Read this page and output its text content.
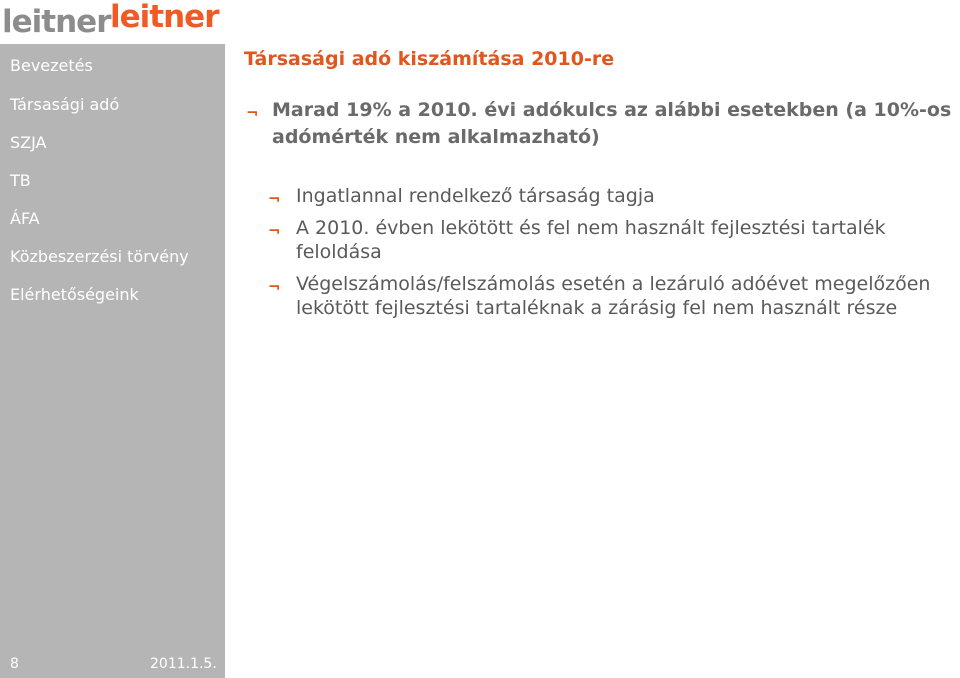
leitner leitner
Bevezetés
Társasági adó
SZJA
TB
ÁFA
Közbeszerzési törvény
Elérhetőségeink
8	2011.1.5.
Társasági adó kiszámítása 2010-re
¬ Marad 19% a 2010. évi adókulcs az alábbi esetekben (a 10%-os adómérték nem alkalmazható)
¬ Ingatlannal rendelkező társaság tagja
¬ A 2010. évben lekötött és fel nem használt fejlesztési tartalék feloldása
¬ Végelszámolás/felszámolás esetén a lezáruló adóévet megelőzően lekötött fejlesztési tartaléknak a zárásig fel nem használt része
